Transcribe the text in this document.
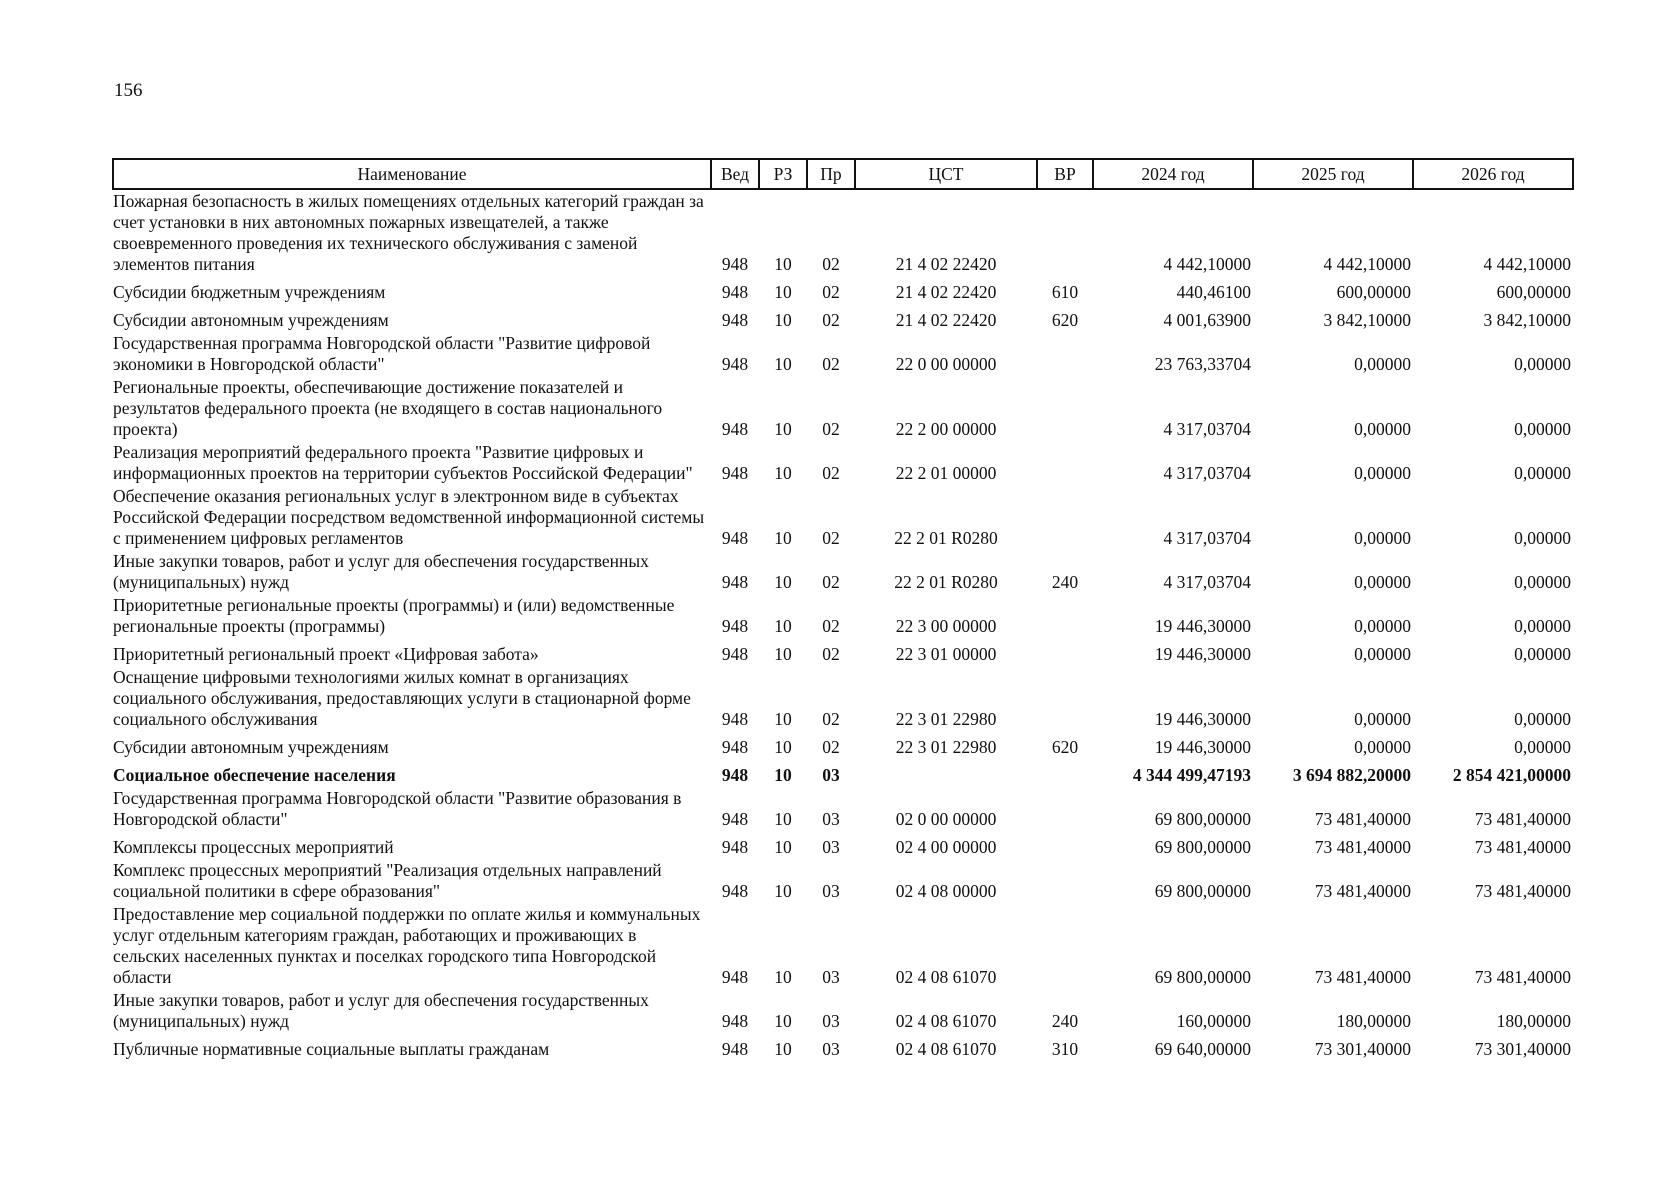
156
Наименование	Вед	РЗ	Пр	ЦСТ	ВР	2024 год	2025 год	2026 год
Пожарная безопасность в жилых помещениях отдельных категорий граждан за счет установки в них автономных пожарных извещателей, а также своевременного проведения их технического обслуживания с заменой элементов питания	948	10	02	21 4 02 22420		4 442,10000	4 442,10000	4 442,10000
Субсидии бюджетным учреждениям	948	10	02	21 4 02 22420	610	440,46100	600,00000	600,00000
Субсидии автономным учреждениям	948	10	02	21 4 02 22420	620	4 001,63900	3 842,10000	3 842,10000
Государственная программа Новгородской области "Развитие цифровой экономики в Новгородской области"	948	10	02	22 0 00 00000		23 763,33704	0,00000	0,00000
Региональные проекты, обеспечивающие достижение показателей и результатов федерального проекта (не входящего в состав национального проекта)	948	10	02	22 2 00 00000		4 317,03704	0,00000	0,00000
Реализация мероприятий федерального проекта "Развитие цифровых и информационных проектов на территории субъектов Российской Федерации"	948	10	02	22 2 01 00000		4 317,03704	0,00000	0,00000
Обеспечение оказания региональных услуг в электронном виде в субъектах Российской Федерации посредством ведомственной информационной системы с применением цифровых регламентов	948	10	02	22 2 01 R0280		4 317,03704	0,00000	0,00000
Иные закупки товаров, работ и услуг для обеспечения государственных (муниципальных) нужд	948	10	02	22 2 01 R0280	240	4 317,03704	0,00000	0,00000
Приоритетные региональные проекты (программы) и (или) ведомственные региональные проекты (программы)	948	10	02	22 3 00 00000		19 446,30000	0,00000	0,00000
Приоритетный региональный проект «Цифровая забота»	948	10	02	22 3 01 00000		19 446,30000	0,00000	0,00000
Оснащение цифровыми технологиями жилых комнат в организациях социального обслуживания, предоставляющих услуги в стационарной форме социального обслуживания	948	10	02	22 3 01 22980		19 446,30000	0,00000	0,00000
Субсидии автономным учреждениям	948	10	02	22 3 01 22980	620	19 446,30000	0,00000	0,00000
Социальное обеспечение населения	948	10	03			4 344 499,47193	3 694 882,20000	2 854 421,00000
Государственная программа Новгородской области "Развитие образования в Новгородской области"	948	10	03	02 0 00 00000		69 800,00000	73 481,40000	73 481,40000
Комплексы процессных мероприятий	948	10	03	02 4 00 00000		69 800,00000	73 481,40000	73 481,40000
Комплекс процессных мероприятий "Реализация отдельных направлений социальной политики в сфере образования"	948	10	03	02 4 08 00000		69 800,00000	73 481,40000	73 481,40000
Предоставление мер социальной поддержки по оплате жилья и коммунальных услуг отдельным категориям граждан, работающих и проживающих в сельских населенных пунктах и поселках городского типа Новгородской области	948	10	03	02 4 08 61070		69 800,00000	73 481,40000	73 481,40000
Иные закупки товаров, работ и услуг для обеспечения государственных (муниципальных) нужд	948	10	03	02 4 08 61070	240	160,00000	180,00000	180,00000
Публичные нормативные социальные выплаты гражданам	948	10	03	02 4 08 61070	310	69 640,00000	73 301,40000	73 301,40000
